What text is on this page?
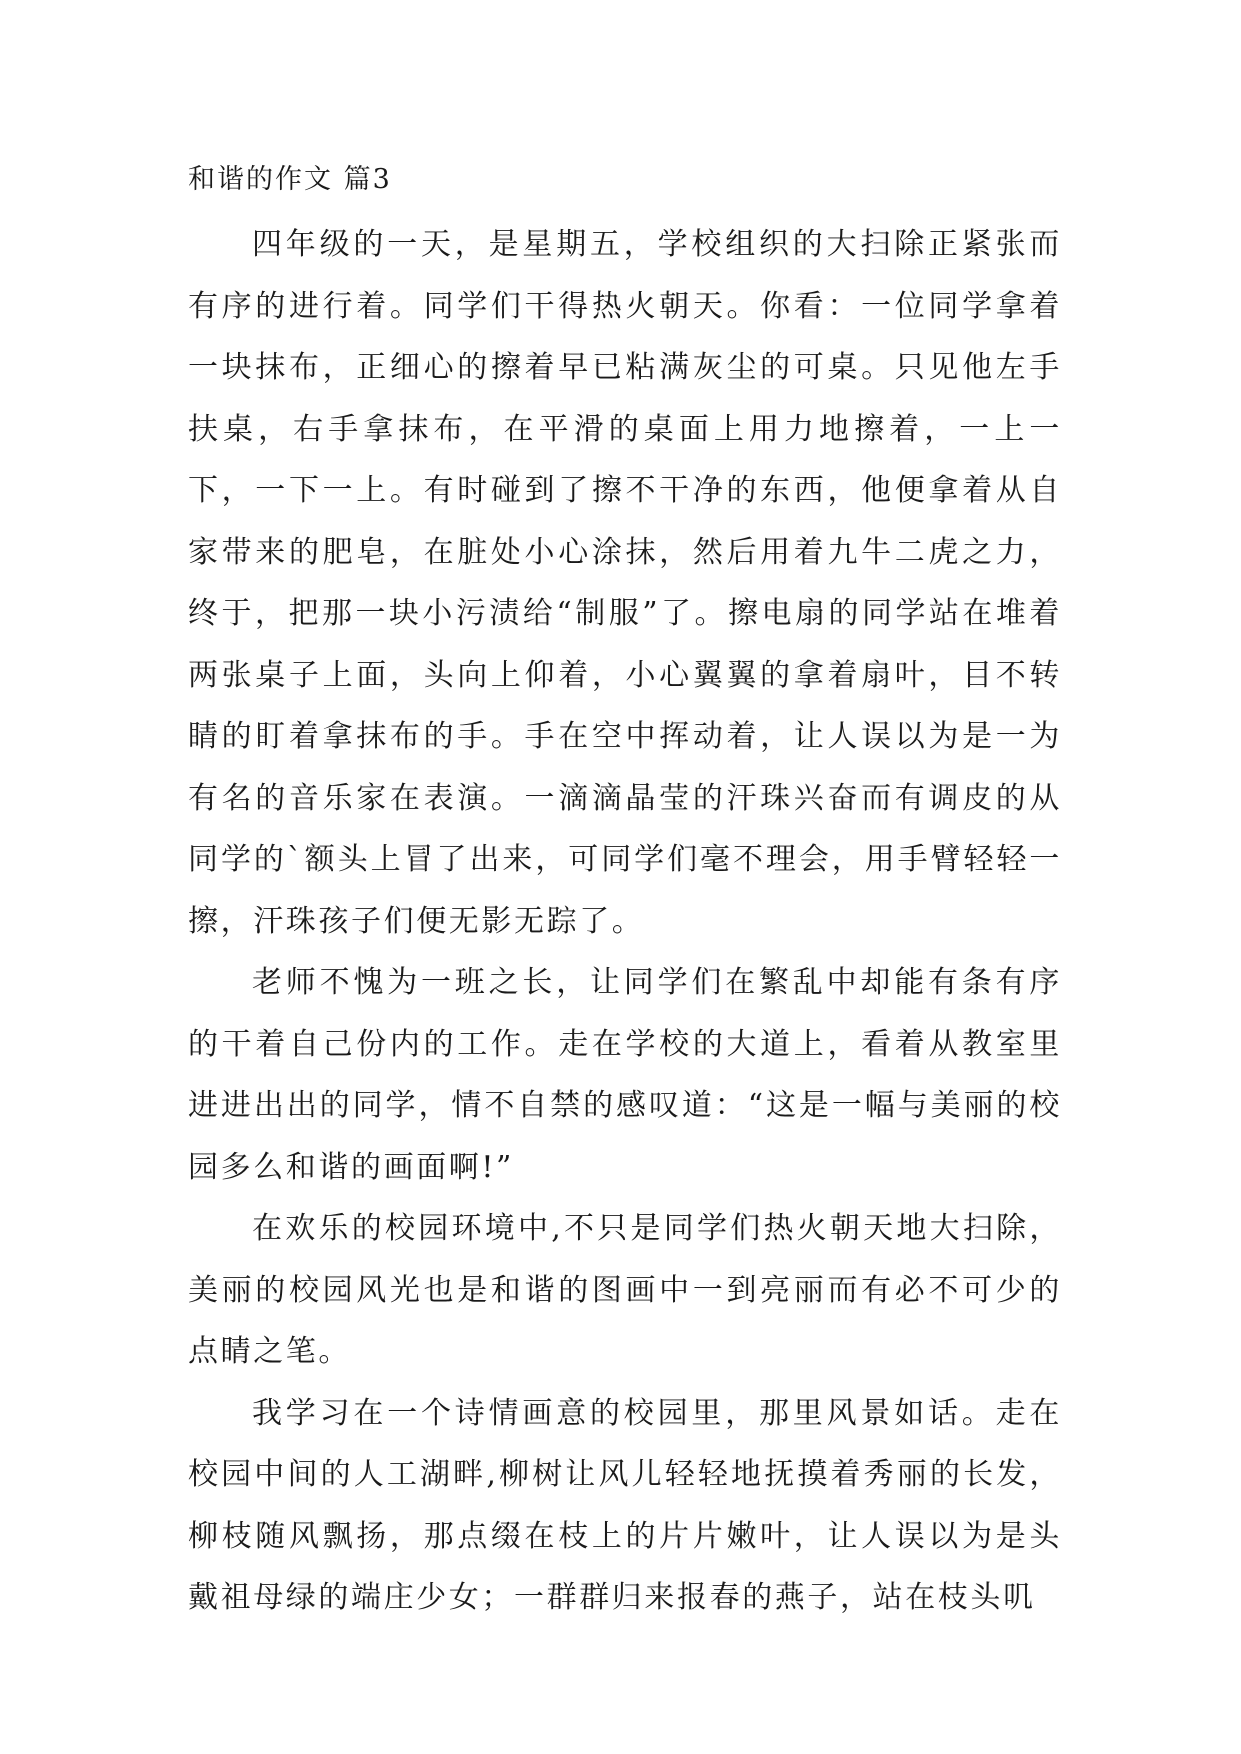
和谐的作文 篇3

四年级的一天，是星期五，学校组织的大扫除正紧张而有序的进行着。同学们干得热火朝天。你看：一位同学拿着一块抹布，正细心的擦着早已粘满灰尘的可桌。只见他左手扶桌，右手拿抹布，在平滑的桌面上用力地擦着，一上一下，一下一上。有时碰到了擦不干净的东西，他便拿着从自家带来的肥皂，在脏处小心涂抹，然后用着九牛二虎之力，终于，把那一块小污渍给“制服”了。擦电扇的同学站在堆着两张桌子上面，头向上仰着，小心翼翼的拿着扇叶，目不转睛的盯着拿抹布的手。手在空中挥动着，让人误以为是一为有名的音乐家在表演。一滴滴晶莹的汗珠兴奋而有调皮的从同学的`额头上冒了出来，可同学们毫不理会，用手臂轻轻一擦，汗珠孩子们便无影无踪了。

老师不愧为一班之长，让同学们在繁乱中却能有条有序的干着自己份内的工作。走在学校的大道上，看着从教室里进进出出的同学，情不自禁的感叹道：“这是一幅与美丽的校园多么和谐的画面啊!”

在欢乐的校园环境中,不只是同学们热火朝天地大扫除，美丽的校园风光也是和谐的图画中一到亮丽而有必不可少的点睛之笔。

我学习在一个诗情画意的校园里，那里风景如话。走在校园中间的人工湖畔,柳树让风儿轻轻地抚摸着秀丽的长发，柳枝随风飘扬，那点缀在枝上的片片嫩叶，让人误以为是头戴祖母绿的端庄少女；一群群归来报春的燕子，站在枝头叽
